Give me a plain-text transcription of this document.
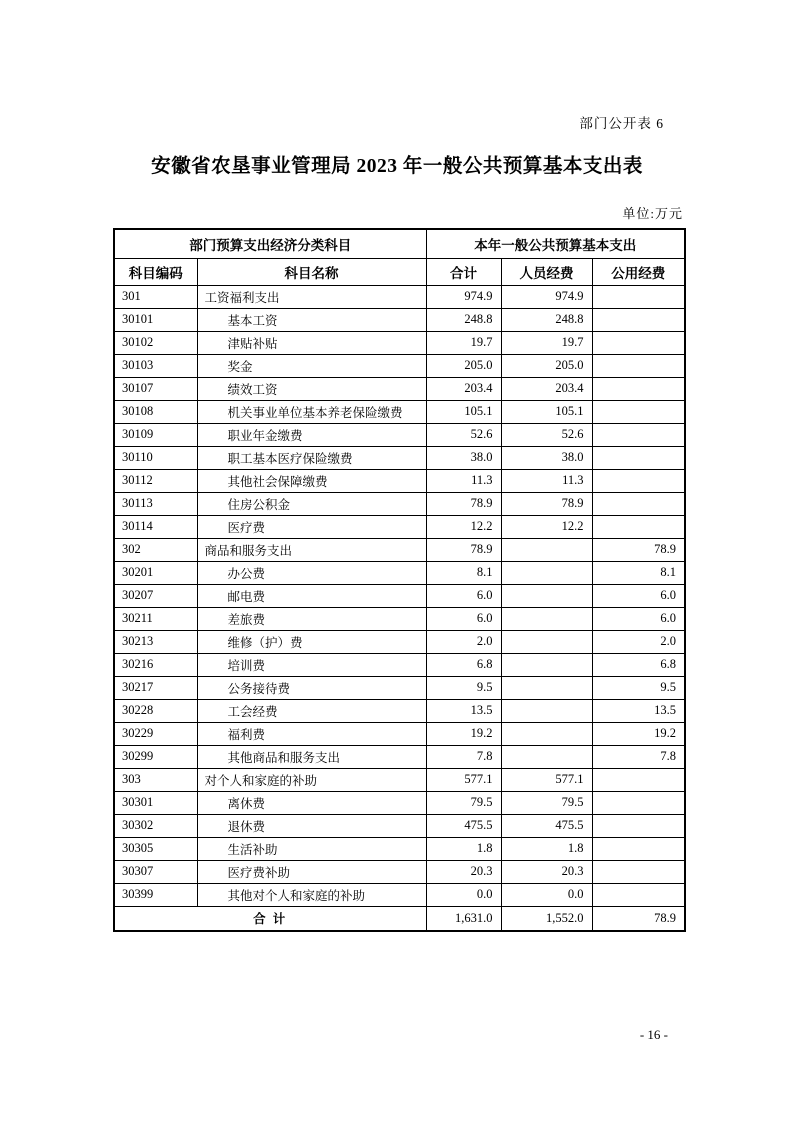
部门公开表 6
安徽省农垦事业管理局 2023 年一般公共预算基本支出表
单位:万元
部门预算支出经济分类科目		本年一般公共预算基本支出		
科目编码	科目名称	合计	人员经费	公用经费
301	工资福利支出	974.9	974.9	
30101	基本工资	248.8	248.8	
30102	津贴补贴	19.7	19.7	
30103	奖金	205.0	205.0	
30107	绩效工资	203.4	203.4	
30108	机关事业单位基本养老保险缴费	105.1	105.1	
30109	职业年金缴费	52.6	52.6	
30110	职工基本医疗保险缴费	38.0	38.0	
30112	其他社会保障缴费	11.3	11.3	
30113	住房公积金	78.9	78.9	
30114	医疗费	12.2	12.2	
302	商品和服务支出	78.9		78.9
30201	办公费	8.1		8.1
30207	邮电费	6.0		6.0
30211	差旅费	6.0		6.0
30213	维修（护）费	2.0		2.0
30216	培训费	6.8		6.8
30217	公务接待费	9.5		9.5
30228	工会经费	13.5		13.5
30229	福利费	19.2		19.2
30299	其他商品和服务支出	7.8		7.8
303	对个人和家庭的补助	577.1	577.1	
30301	离休费	79.5	79.5	
30302	退休费	475.5	475.5	
30305	生活补助	1.8	1.8	
30307	医疗费补助	20.3	20.3	
30399	其他对个人和家庭的补助	0.0	0.0	
合 计		1,631.0	1,552.0	78.9
- 16 -
